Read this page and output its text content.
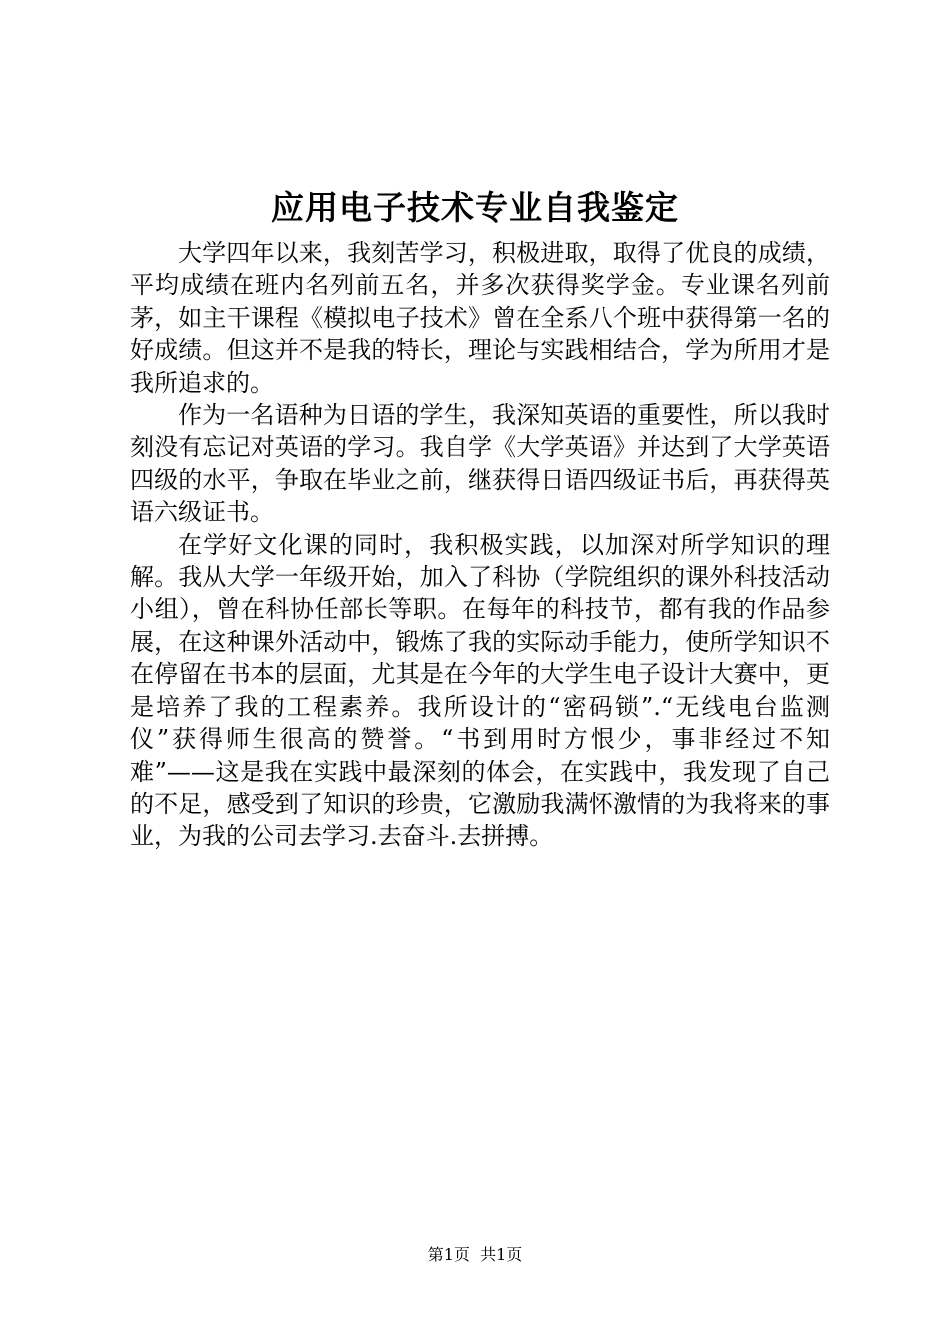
应用电子技术专业自我鉴定

大学四年以来，我刻苦学习，积极进取，取得了优良的成绩，平均成绩在班内名列前五名，并多次获得奖学金。专业课名列前茅，如主干课程《模拟电子技术》曾在全系八个班中获得第一名的好成绩。但这并不是我的特长，理论与实践相结合，学为所用才是我所追求的。

作为一名语种为日语的学生，我深知英语的重要性，所以我时刻没有忘记对英语的学习。我自学《大学英语》并达到了大学英语四级的水平，争取在毕业之前，继获得日语四级证书后，再获得英语六级证书。

在学好文化课的同时，我积极实践，以加深对所学知识的理解。我从大学一年级开始，加入了科协（学院组织的课外科技活动小组），曾在科协任部长等职。在每年的科技节，都有我的作品参展，在这种课外活动中，锻炼了我的实际动手能力，使所学知识不在停留在书本的层面，尤其是在今年的大学生电子设计大赛中，更是培养了我的工程素养。我所设计的“密码锁”.“无线电台监测仪”获得师生很高的赞誉。“书到用时方恨少，事非经过不知难”——这是我在实践中最深刻的体会，在实践中，我发现了自己的不足，感受到了知识的珍贵，它激励我满怀激情的为我将来的事业，为我的公司去学习.去奋斗.去拼搏。

第1页 共1页
